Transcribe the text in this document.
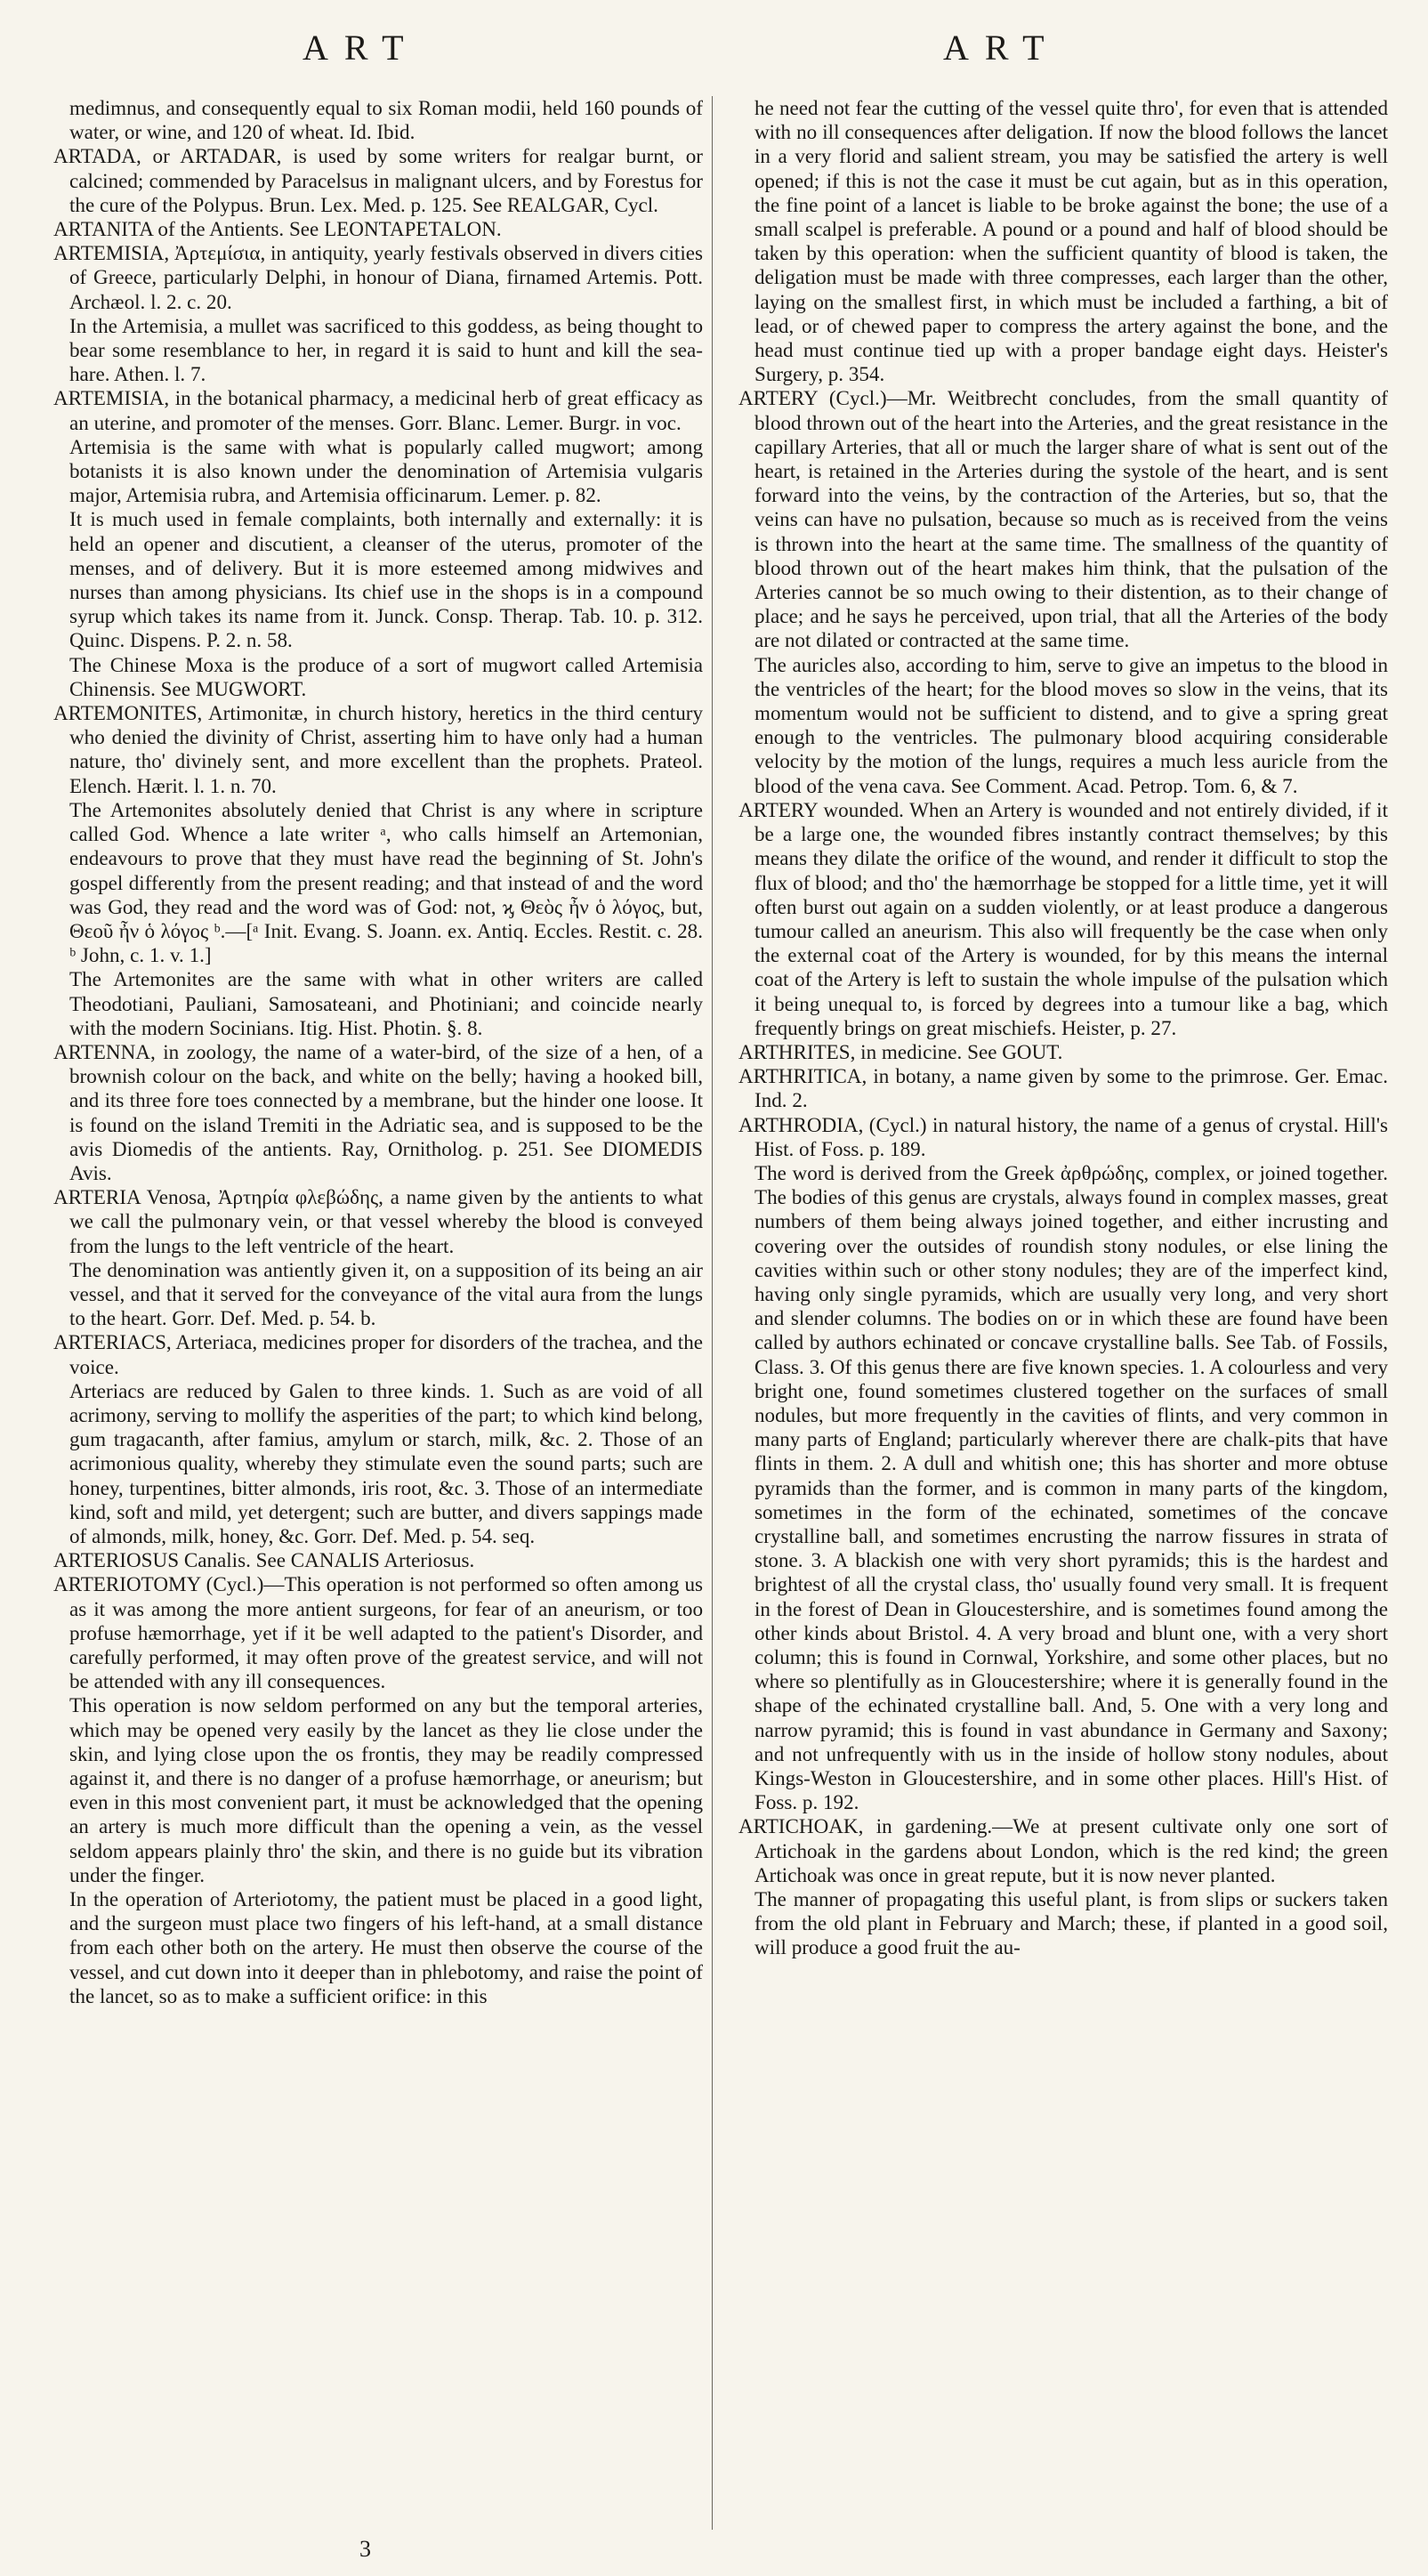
ART	ART

medimnus, and consequently equal to six Roman modii, held 160 pounds of water, or wine, and 120 of wheat. Id. Ibid.

ARTADA, or ARTADAR, is used by some writers for realgar burnt, or calcined; commended by Paracelsus in malignant ulcers, and by Forestus for the cure of the Polypus. Brun. Lex. Med. p. 125. See REALGAR, Cycl.

ARTANITA of the Antients. See LEONTAPETALON.

ARTEMISIA, Ἀρτεμίσια, in antiquity, yearly festivals observed in divers cities of Greece, particularly Delphi, in honour of Diana, firnamed Artemis. Pott. Archæol. l. 2. c. 20.

In the Artemisia, a mullet was sacrificed to this goddess, as being thought to bear some resemblance to her, in regard it is said to hunt and kill the sea-hare. Athen. l. 7.

ARTEMISIA, in the botanical pharmacy, a medicinal herb of great efficacy as an uterine, and promoter of the menses. Gorr. Blanc. Lemer. Burgr. in voc.

Artemisia is the same with what is popularly called mugwort; among botanists it is also known under the denomination of Artemisia vulgaris major, Artemisia rubra, and Artemisia officinarum. Lemer. p. 82.

It is much used in female complaints, both internally and externally: it is held an opener and discutient, a cleanser of the uterus, promoter of the menses, and of delivery. But it is more esteemed among midwives and nurses than among physicians. Its chief use in the shops is in a compound syrup which takes its name from it. Junck. Consp. Therap. Tab. 10. p. 312. Quinc. Dispens. P. 2. n. 58.

The Chinese Moxa is the produce of a sort of mugwort called Artemisia Chinensis. See MUGWORT.

ARTEMONITES, Artimonitæ, in church history, heretics in the third century who denied the divinity of Christ, asserting him to have only had a human nature, tho' divinely sent, and more excellent than the prophets. Prateol. Elench. Hærit. l. 1. n. 70.

The Artemonites absolutely denied that Christ is any where in scripture called God. Whence a late writer ᵃ, who calls himself an Artemonian, endeavours to prove that they must have read the beginning of St. John's gospel differently from the present reading; and that instead of and the word was God, they read and the word was of God: not, ϗ Θεὸς ἦν ὁ λόγος, but, Θεοῦ ἦν ὁ λόγος ᵇ.—[ᵃ Init. Evang. S. Joann. ex. Antiq. Eccles. Restit. c. 28. ᵇ John, c. 1. v. 1.]

The Artemonites are the same with what in other writers are called Theodotiani, Pauliani, Samosateani, and Photiniani; and coincide nearly with the modern Socinians. Itig. Hist. Photin. §. 8.

ARTENNA, in zoology, the name of a water-bird, of the size of a hen, of a brownish colour on the back, and white on the belly; having a hooked bill, and its three fore toes connected by a membrane, but the hinder one loose. It is found on the island Tremiti in the Adriatic sea, and is supposed to be the avis Diomedis of the antients. Ray, Ornitholog. p. 251. See DIOMEDIS Avis.

ARTERIA Venosa, Ἀρτηρία φλεβώδης, a name given by the antients to what we call the pulmonary vein, or that vessel whereby the blood is conveyed from the lungs to the left ventricle of the heart.

The denomination was antiently given it, on a supposition of its being an air vessel, and that it served for the conveyance of the vital aura from the lungs to the heart. Gorr. Def. Med. p. 54. b.

ARTERIACS, Arteriaca, medicines proper for disorders of the trachea, and the voice.

Arteriacs are reduced by Galen to three kinds. 1. Such as are void of all acrimony, serving to mollify the asperities of the part; to which kind belong, gum tragacanth, after famius, amylum or starch, milk, &c. 2. Those of an acrimonious quality, whereby they stimulate even the sound parts; such are honey, turpentines, bitter almonds, iris root, &c. 3. Those of an intermediate kind, soft and mild, yet detergent; such are butter, and divers sappings made of almonds, milk, honey, &c. Gorr. Def. Med. p. 54. seq.

ARTERIOSUS Canalis. See CANALIS Arteriosus.

ARTERIOTOMY (Cycl.)—This operation is not performed so often among us as it was among the more antient surgeons, for fear of an aneurism, or too profuse hæmorrhage, yet if it be well adapted to the patient's Disorder, and carefully performed, it may often prove of the greatest service, and will not be attended with any ill consequences.

This operation is now seldom performed on any but the temporal arteries, which may be opened very easily by the lancet as they lie close under the skin, and lying close upon the os frontis, they may be readily compressed against it, and there is no danger of a profuse hæmorrhage, or aneurism; but even in this most convenient part, it must be acknowledged that the opening an artery is much more difficult than the opening a vein, as the vessel seldom appears plainly thro' the skin, and there is no guide but its vibration under the finger.

In the operation of Arteriotomy, the patient must be placed in a good light, and the surgeon must place two fingers of his left-hand, at a small distance from each other both on the artery. He must then observe the course of the vessel, and cut down into it deeper than in phlebotomy, and raise the point of the lancet, so as to make a sufficient orifice: in this

he need not fear the cutting of the vessel quite thro', for even that is attended with no ill consequences after deligation. If now the blood follows the lancet in a very florid and salient stream, you may be satisfied the artery is well opened; if this is not the case it must be cut again, but as in this operation, the fine point of a lancet is liable to be broke against the bone; the use of a small scalpel is preferable. A pound or a pound and half of blood should be taken by this operation: when the sufficient quantity of blood is taken, the deligation must be made with three compresses, each larger than the other, laying on the smallest first, in which must be included a farthing, a bit of lead, or of chewed paper to compress the artery against the bone, and the head must continue tied up with a proper bandage eight days. Heister's Surgery, p. 354.

ARTERY (Cycl.)—Mr. Weitbrecht concludes, from the small quantity of blood thrown out of the heart into the Arteries, and the great resistance in the capillary Arteries, that all or much the larger share of what is sent out of the heart, is retained in the Arteries during the systole of the heart, and is sent forward into the veins, by the contraction of the Arteries, but so, that the veins can have no pulsation, because so much as is received from the veins is thrown into the heart at the same time. The smallness of the quantity of blood thrown out of the heart makes him think, that the pulsation of the Arteries cannot be so much owing to their distention, as to their change of place; and he says he perceived, upon trial, that all the Arteries of the body are not dilated or contracted at the same time.

The auricles also, according to him, serve to give an impetus to the blood in the ventricles of the heart; for the blood moves so slow in the veins, that its momentum would not be sufficient to distend, and to give a spring great enough to the ventricles. The pulmonary blood acquiring considerable velocity by the motion of the lungs, requires a much less auricle from the blood of the vena cava. See Comment. Acad. Petrop. Tom. 6, & 7.

ARTERY wounded. When an Artery is wounded and not entirely divided, if it be a large one, the wounded fibres instantly contract themselves; by this means they dilate the orifice of the wound, and render it difficult to stop the flux of blood; and tho' the hæmorrhage be stopped for a little time, yet it will often burst out again on a sudden violently, or at least produce a dangerous tumour called an aneurism. This also will frequently be the case when only the external coat of the Artery is wounded, for by this means the internal coat of the Artery is left to sustain the whole impulse of the pulsation which it being unequal to, is forced by degrees into a tumour like a bag, which frequently brings on great mischiefs. Heister, p. 27.

ARTHRITES, in medicine. See GOUT.

ARTHRITICA, in botany, a name given by some to the primrose. Ger. Emac. Ind. 2.

ARTHRODIA, (Cycl.) in natural history, the name of a genus of crystal. Hill's Hist. of Foss. p. 189.

The word is derived from the Greek ἀρθρώδης, complex, or joined together. The bodies of this genus are crystals, always found in complex masses, great numbers of them being always joined together, and either incrusting and covering over the outsides of roundish stony nodules, or else lining the cavities within such or other stony nodules; they are of the imperfect kind, having only single pyramids, which are usually very long, and very short and slender columns. The bodies on or in which these are found have been called by authors echinated or concave crystalline balls. See Tab. of Fossils, Class. 3. Of this genus there are five known species. 1. A colourless and very bright one, found sometimes clustered together on the surfaces of small nodules, but more frequently in the cavities of flints, and very common in many parts of England; particularly wherever there are chalk-pits that have flints in them. 2. A dull and whitish one; this has shorter and more obtuse pyramids than the former, and is common in many parts of the kingdom, sometimes in the form of the echinated, sometimes of the concave crystalline ball, and sometimes encrusting the narrow fissures in strata of stone. 3. A blackish one with very short pyramids; this is the hardest and brightest of all the crystal class, tho' usually found very small. It is frequent in the forest of Dean in Gloucestershire, and is sometimes found among the other kinds about Bristol. 4. A very broad and blunt one, with a very short column; this is found in Cornwal, Yorkshire, and some other places, but no where so plentifully as in Gloucestershire; where it is generally found in the shape of the echinated crystalline ball. And, 5. One with a very long and narrow pyramid; this is found in vast abundance in Germany and Saxony; and not unfrequently with us in the inside of hollow stony nodules, about Kings-Weston in Gloucestershire, and in some other places. Hill's Hist. of Foss. p. 192.

ARTICHOAK, in gardening.—We at present cultivate only one sort of Artichoak in the gardens about London, which is the red kind; the green Artichoak was once in great repute, but it is now never planted.

The manner of propagating this useful plant, is from slips or suckers taken from the old plant in February and March; these, if planted in a good soil, will produce a good fruit the au-

3
